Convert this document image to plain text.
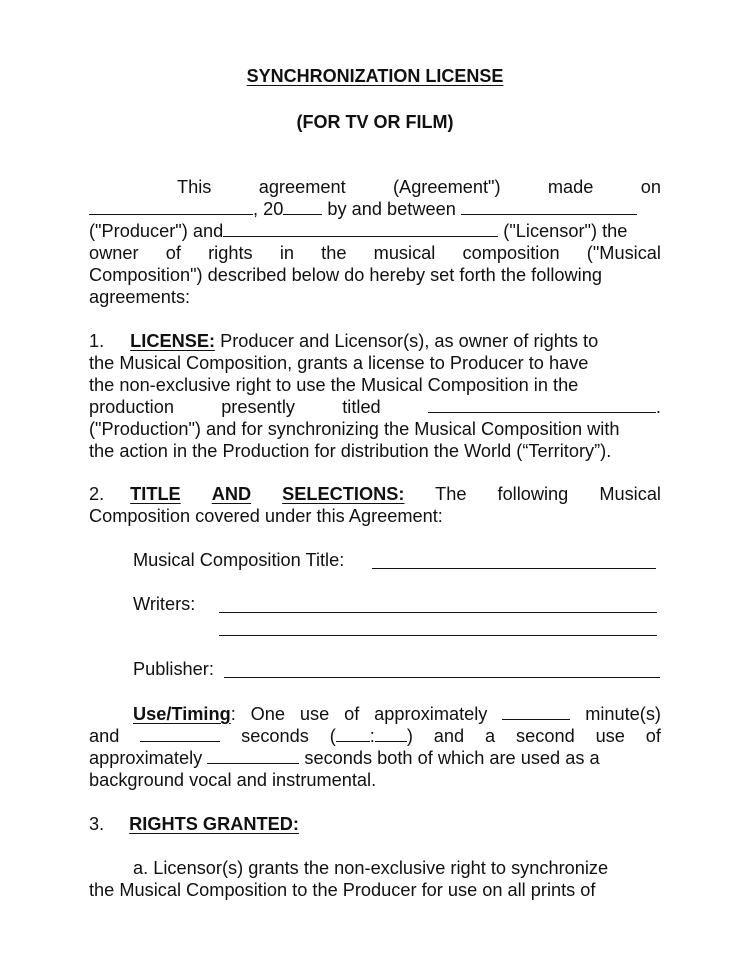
SYNCHRONIZATION LICENSE
(FOR TV OR FILM)
This	agreement	(Agreement")	made	on
, 20 by and between
("Producer") and	("Licensor") the
owner of rights in the musical composition ("Musical
Composition") described below do hereby set forth the following
agreements:
1. LICENSE: Producer and Licensor(s), as owner of rights to
the Musical Composition, grants a license to Producer to have
the non-exclusive right to use the Musical Composition in the
production	presently	titled	.
("Production") and for synchronizing the Musical Composition with
the action in the Production for distribution the World (“Territory”).
2. TITLE AND SELECTIONS: The following Musical
Composition covered under this Agreement:
Musical Composition Title:
Writers:
Publisher:
Use/Timing: One use of approximately	minute(s)
and	seconds ( : ) and a second use of
approximately	seconds both of which are used as a
background vocal and instrumental.
3. RIGHTS GRANTED:
a. Licensor(s) grants the non-exclusive right to synchronize
the Musical Composition to the Producer for use on all prints of
